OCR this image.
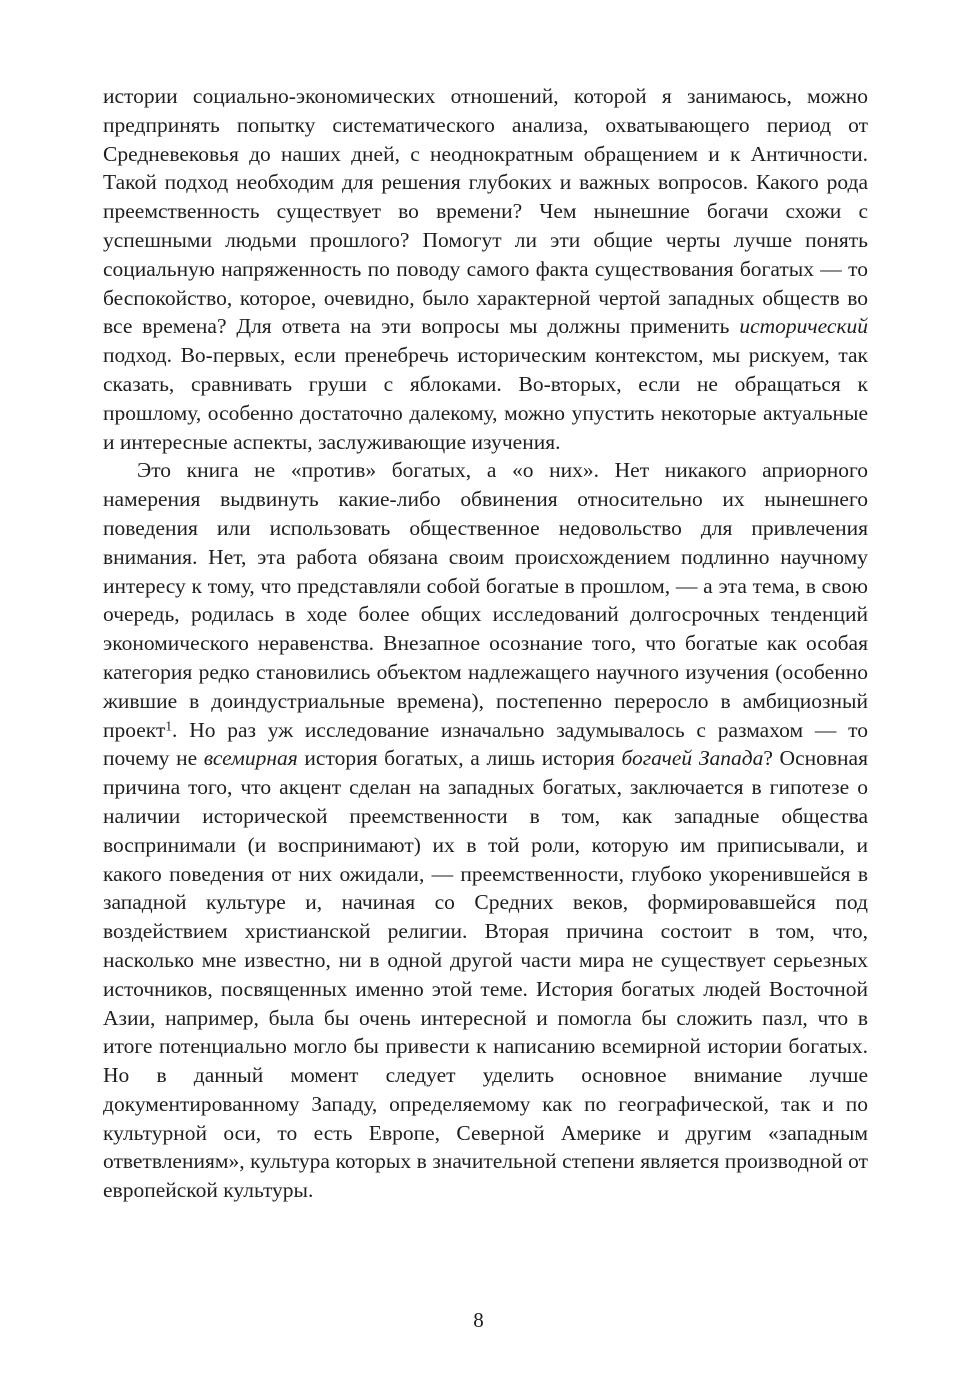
истории социально-экономических отношений, которой я занимаюсь, можно предпринять попытку систематического анализа, охватывающего период от Средневековья до наших дней, с неоднократным обращением и к Античности. Такой подход необходим для решения глубоких и важных вопросов. Какого рода преемственность существует во времени? Чем нынешние богачи схожи с успешными людьми прошлого? Помогут ли эти общие черты лучше понять социальную напряженность по поводу самого факта существования богатых — то беспокойство, которое, очевидно, было характерной чертой западных обществ во все времена? Для ответа на эти вопросы мы должны применить исторический подход. Во-первых, если пренебречь историческим контекстом, мы рискуем, так сказать, сравнивать груши с яблоками. Во-вторых, если не обращаться к прошлому, особенно достаточно далекому, можно упустить некоторые актуальные и интересные аспекты, заслуживающие изучения.

Это книга не «против» богатых, а «о них». Нет никакого априорного намерения выдвинуть какие-либо обвинения относительно их нынешнего поведения или использовать общественное недовольство для привлечения внимания. Нет, эта работа обязана своим происхождением подлинно научному интересу к тому, что представляли собой богатые в прошлом, — а эта тема, в свою очередь, родилась в ходе более общих исследований долгосрочных тенденций экономического неравенства. Внезапное осознание того, что богатые как особая категория редко становились объектом надлежащего научного изучения (особенно жившие в доиндустриальные времена), постепенно переросло в амбициозный проект$^1$. Но раз уж исследование изначально задумывалось с размахом — то почему не всемирная история богатых, а лишь история богачей Запада? Основная причина того, что акцент сделан на западных богатых, заключается в гипотезе о наличии исторической преемственности в том, как западные общества воспринимали (и воспринимают) их в той роли, которую им приписывали, и какого поведения от них ожидали, — преемственности, глубоко укоренившейся в западной культуре и, начиная со Средних веков, формировавшейся под воздействием христианской религии. Вторая причина состоит в том, что, насколько мне известно, ни в одной другой части мира не существует серьезных источников, посвященных именно этой теме. История богатых людей Восточной Азии, например, была бы очень интересной и помогла бы сложить пазл, что в итоге потенциально могло бы привести к написанию всемирной истории богатых. Но в данный момент следует уделить основное внимание лучше документированному Западу, определяемому как по географической, так и по культурной оси, то есть Европе, Северной Америке и другим «западным ответвлениям», культура которых в значительной степени является производной от европейской культуры.

8
